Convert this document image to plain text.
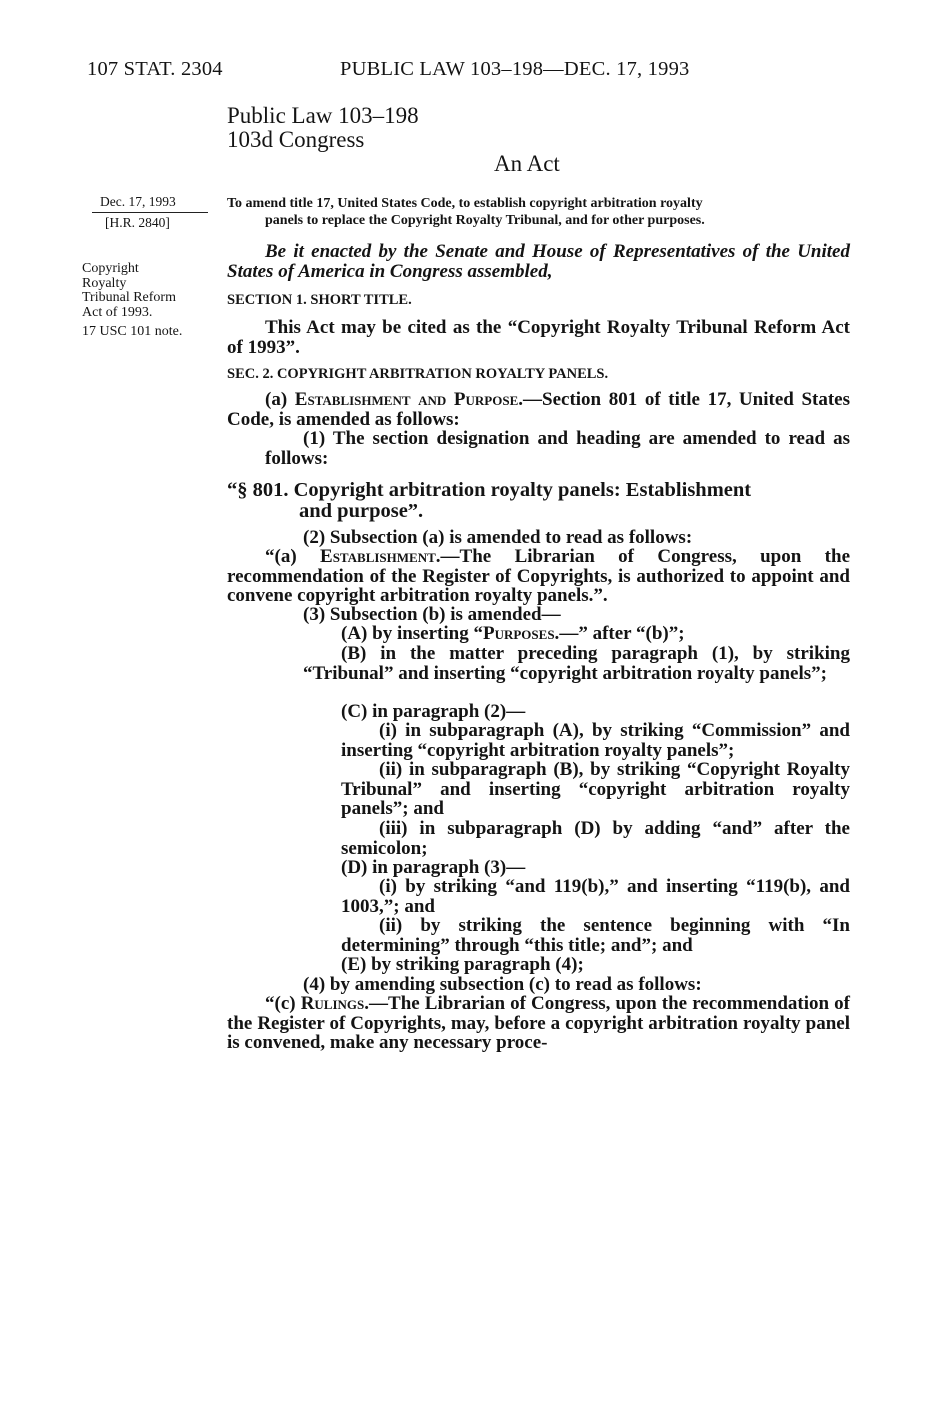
107 STAT. 2304	PUBLIC LAW 103–198—DEC. 17, 1993
Public Law 103–198
103d Congress
An Act
Dec. 17, 1993
[H.R. 2840]
Copyright
Royalty
Tribunal Reform
Act of 1993.
17 USC 101 note.
To amend title 17, United States Code, to establish copyright arbitration royalty
panels to replace the Copyright Royalty Tribunal, and for other purposes.

Be it enacted by the Senate and House of Representatives of the United States of America in Congress assembled,

SECTION 1. SHORT TITLE.

This Act may be cited as the “Copyright Royalty Tribunal Reform Act of 1993”.

SEC. 2. COPYRIGHT ARBITRATION ROYALTY PANELS.

(a) Establishment and Purpose.—Section 801 of title 17, United States Code, is amended as follows:

(1) The section designation and heading are amended to read as follows:

“§ 801. Copyright arbitration royalty panels: Establishment
and purpose”.

(2) Subsection (a) is amended to read as follows:

“(a) Establishment.—The Librarian of Congress, upon the recommendation of the Register of Copyrights, is authorized to appoint and convene copyright arbitration royalty panels.”.

(3) Subsection (b) is amended—

(A) by inserting “Purposes.—” after “(b)”;

(B) in the matter preceding paragraph (1), by striking “Tribunal” and inserting “copyright arbitration royalty panels”;

(C) in paragraph (2)—

(i) in subparagraph (A), by striking “Commission” and inserting “copyright arbitration royalty panels”;

(ii) in subparagraph (B), by striking “Copyright Royalty Tribunal” and inserting “copyright arbitration royalty panels”; and

(iii) in subparagraph (D) by adding “and” after the semicolon;

(D) in paragraph (3)—

(i) by striking “and 119(b),” and inserting “119(b), and 1003,”; and

(ii) by striking the sentence beginning with “In determining” through “this title; and”; and

(E) by striking paragraph (4);

(4) by amending subsection (c) to read as follows:

“(c) Rulings.—The Librarian of Congress, upon the recommendation of the Register of Copyrights, may, before a copyright arbitration royalty panel is convened, make any necessary proce-
